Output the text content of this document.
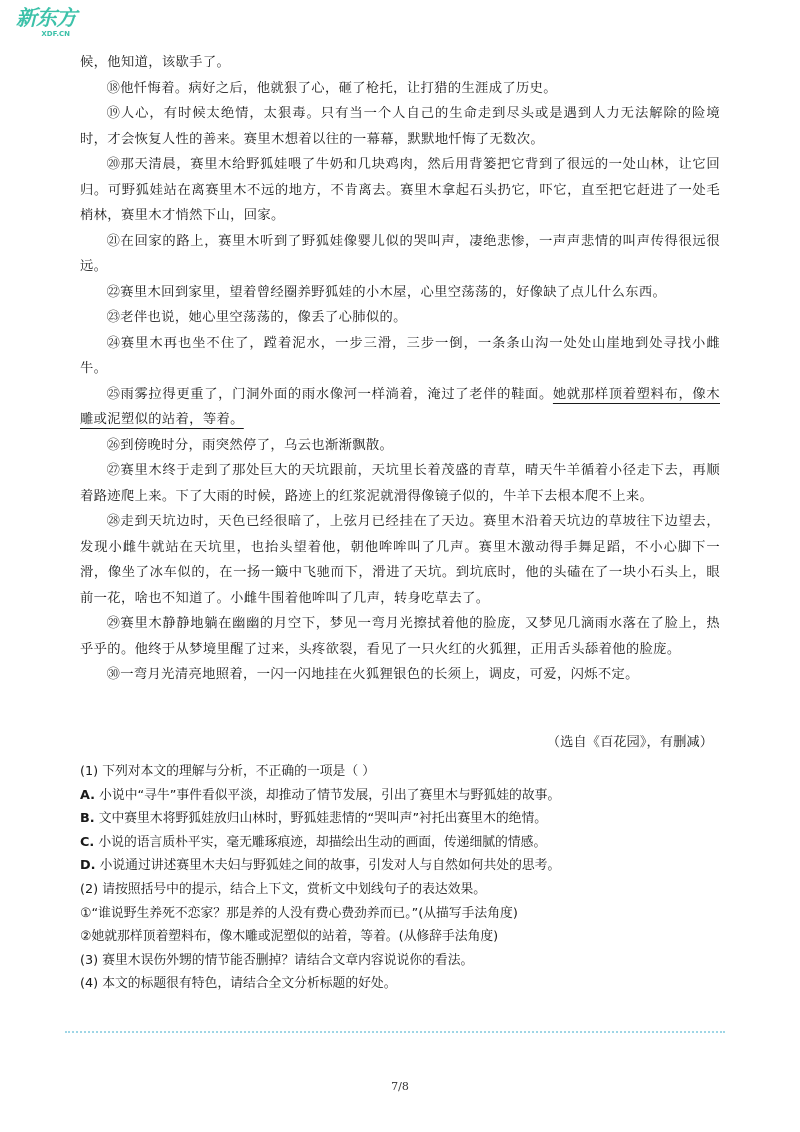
新东方
XDF.CN

候，他知道，该歇手了。

⑱他忏悔着。病好之后，他就狠了心，砸了枪托，让打猎的生涯成了历史。

⑲人心，有时候太绝情，太狠毒。只有当一个人自己的生命走到尽头或是遇到人力无法解除的险境时，才会恢复人性的善来。赛里木想着以往的一幕幕，默默地忏悔了无数次。

⑳那天清晨，赛里木给野狐娃喂了牛奶和几块鸡肉，然后用背篓把它背到了很远的一处山林，让它回归。可野狐娃站在离赛里木不远的地方，不肯离去。赛里木拿起石头扔它，吓它，直至把它赶进了一处毛梢林，赛里木才悄然下山，回家。

㉑在回家的路上，赛里木听到了野狐娃像婴儿似的哭叫声，凄绝悲惨，一声声悲情的叫声传得很远很远。

㉒赛里木回到家里，望着曾经圈养野狐娃的小木屋，心里空荡荡的，好像缺了点儿什么东西。

㉓老伴也说，她心里空荡荡的，像丢了心肺似的。

㉔赛里木再也坐不住了，蹚着泥水，一步三滑，三步一倒，一条条山沟一处处山崖地到处寻找小雌牛。

㉕雨雾拉得更重了，门洞外面的雨水像河一样淌着，淹过了老伴的鞋面。她就那样顶着塑料布，像木雕或泥塑似的站着，等着。

㉖到傍晚时分，雨突然停了，乌云也渐渐飘散。

㉗赛里木终于走到了那处巨大的天坑跟前，天坑里长着茂盛的青草，晴天牛羊循着小径走下去，再顺着路迹爬上来。下了大雨的时候，路迹上的红浆泥就滑得像镜子似的，牛羊下去根本爬不上来。

㉘走到天坑边时，天色已经很暗了，上弦月已经挂在了天边。赛里木沿着天坑边的草坡往下边望去，发现小雌牛就站在天坑里，也抬头望着他，朝他哞哞叫了几声。赛里木激动得手舞足蹈，不小心脚下一滑，像坐了冰车似的，在一扬一簸中飞驰而下，滑进了天坑。到坑底时，他的头磕在了一块小石头上，眼前一花，啥也不知道了。小雌牛围着他哞叫了几声，转身吃草去了。

㉙赛里木静静地躺在幽幽的月空下，梦见一弯月光擦拭着他的脸庞，又梦见几滴雨水落在了脸上，热乎乎的。他终于从梦境里醒了过来，头疼欲裂，看见了一只火红的火狐狸，正用舌头舔着他的脸庞。

㉚一弯月光清亮地照着，一闪一闪地挂在火狐狸银色的长须上，调皮，可爱，闪烁不定。

（选自《百花园》，有删减）
(1) 下列对本文的理解与分析，不正确的一项是（ ）
A. 小说中“寻牛”事件看似平淡，却推动了情节发展，引出了赛里木与野狐娃的故事。
B. 文中赛里木将野狐娃放归山林时，野狐娃悲情的“哭叫声”衬托出赛里木的绝情。
C. 小说的语言质朴平实，毫无雕琢痕迹，却描绘出生动的画面，传递细腻的情感。
D. 小说通过讲述赛里木夫妇与野狐娃之间的故事，引发对人与自然如何共处的思考。
(2) 请按照括号中的提示，结合上下文，赏析文中划线句子的表达效果。
①“谁说野生养死不恋家？那是养的人没有费心费劲养而已。”(从描写手法角度)
②她就那样顶着塑料布，像木雕或泥塑似的站着，等着。(从修辞手法角度)
(3) 赛里木误伤外甥的情节能否删掉？请结合文章内容说说你的看法。
(4) 本文的标题很有特色，请结合全文分析标题的好处。
7/8
